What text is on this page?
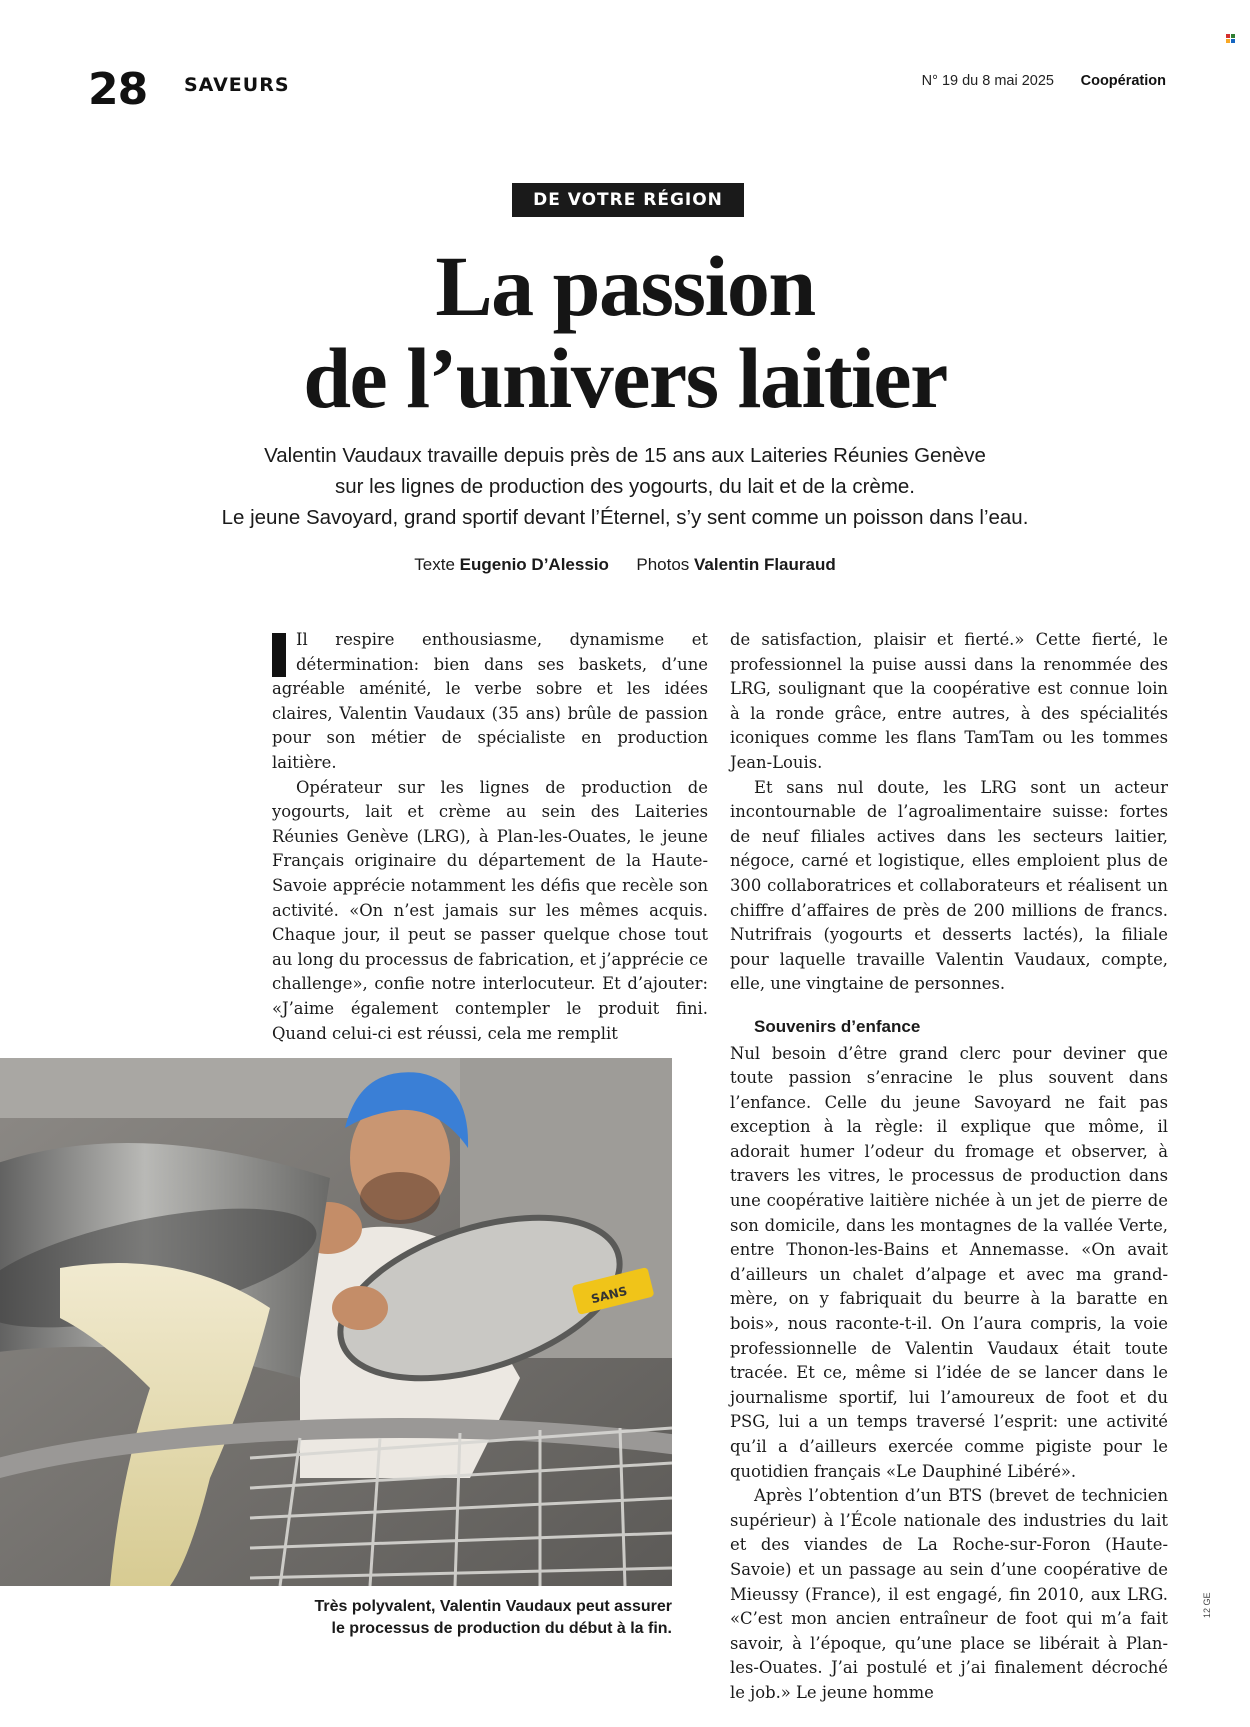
28 SAVEURS	N° 19 du 8 mai 2025 Coopération
DE VOTRE RÉGION
La passion
de l’univers laitier
Valentin Vaudaux travaille depuis près de 15 ans aux Laiteries Réunies Genève
sur les lignes de production des yogourts, du lait et de la crème.
Le jeune Savoyard, grand sportif devant l’Éternel, s’y sent comme un poisson dans l’eau.
Texte Eugenio D’Alessio Photos Valentin Flauraud

Il respire enthousiasme, dynamisme et détermination: bien dans ses baskets, d’une agréable aménité, le verbe sobre et les idées claires, Valentin Vaudaux (35 ans) brûle de passion pour son métier de spécialiste en production laitière.

Opérateur sur les lignes de production de yogourts, lait et crème au sein des Laiteries Réunies Genève (LRG), à Plan-les-Ouates, le jeune Français originaire du département de la Haute-Savoie apprécie notamment les défis que recèle son activité. «On n’est jamais sur les mêmes acquis. Chaque jour, il peut se passer quelque chose tout au long du processus de fabrication, et j’apprécie ce challenge», confie notre interlocuteur. Et d’ajouter: «J’aime également contempler le produit fini. Quand celui-ci est réussi, cela me remplit

de satisfaction, plaisir et fierté.» Cette fierté, le professionnel la puise aussi dans la renommée des LRG, soulignant que la coopérative est connue loin à la ronde grâce, entre autres, à des spécialités iconiques comme les flans TamTam ou les tommes Jean-Louis.

Et sans nul doute, les LRG sont un acteur incontournable de l’agroalimentaire suisse: fortes de neuf filiales actives dans les secteurs laitier, négoce, carné et logistique, elles emploient plus de 300 collaboratrices et collaborateurs et réalisent un chiffre d’affaires de près de 200 millions de francs. Nutrifrais (yogourts et desserts lactés), la filiale pour laquelle travaille Valentin Vaudaux, compte, elle, une vingtaine de personnes.

Souvenirs d’enfance

Nul besoin d’être grand clerc pour deviner que toute passion s’enracine le plus souvent dans l’enfance. Celle du jeune Savoyard ne fait pas exception à la règle: il explique que môme, il adorait humer l’odeur du fromage et observer, à travers les vitres, le processus de production dans une coopérative laitière nichée à un jet de pierre de son domicile, dans les montagnes de la vallée Verte, entre Thonon-les-Bains et Annemasse. «On avait d’ailleurs un chalet d’alpage et avec ma grand-mère, on y fabriquait du beurre à la baratte en bois», nous raconte-t-il. On l’aura compris, la voie professionnelle de Valentin Vaudaux était toute tracée. Et ce, même si l’idée de se lancer dans le journalisme sportif, lui l’amoureux de foot et du PSG, lui a un temps traversé l’esprit: une activité qu’il a d’ailleurs exercée comme pigiste pour le quotidien français «Le Dauphiné Libéré».

Après l’obtention d’un BTS (brevet de technicien supérieur) à l’École nationale des industries du lait et des viandes de La Roche-sur-Foron (Haute-Savoie) et un passage au sein d’une coopérative de Mieussy (France), il est engagé, fin 2010, aux LRG. «C’est mon ancien entraîneur de foot qui m’a fait savoir, à l’époque, qu’une place se libérait à Plan-les-Ouates. J’ai postulé et j’ai finalement décroché le job.» Le jeune homme

SANS
Très polyvalent, Valentin Vaudaux peut assurer
le processus de production du début à la fin.
12 GE
